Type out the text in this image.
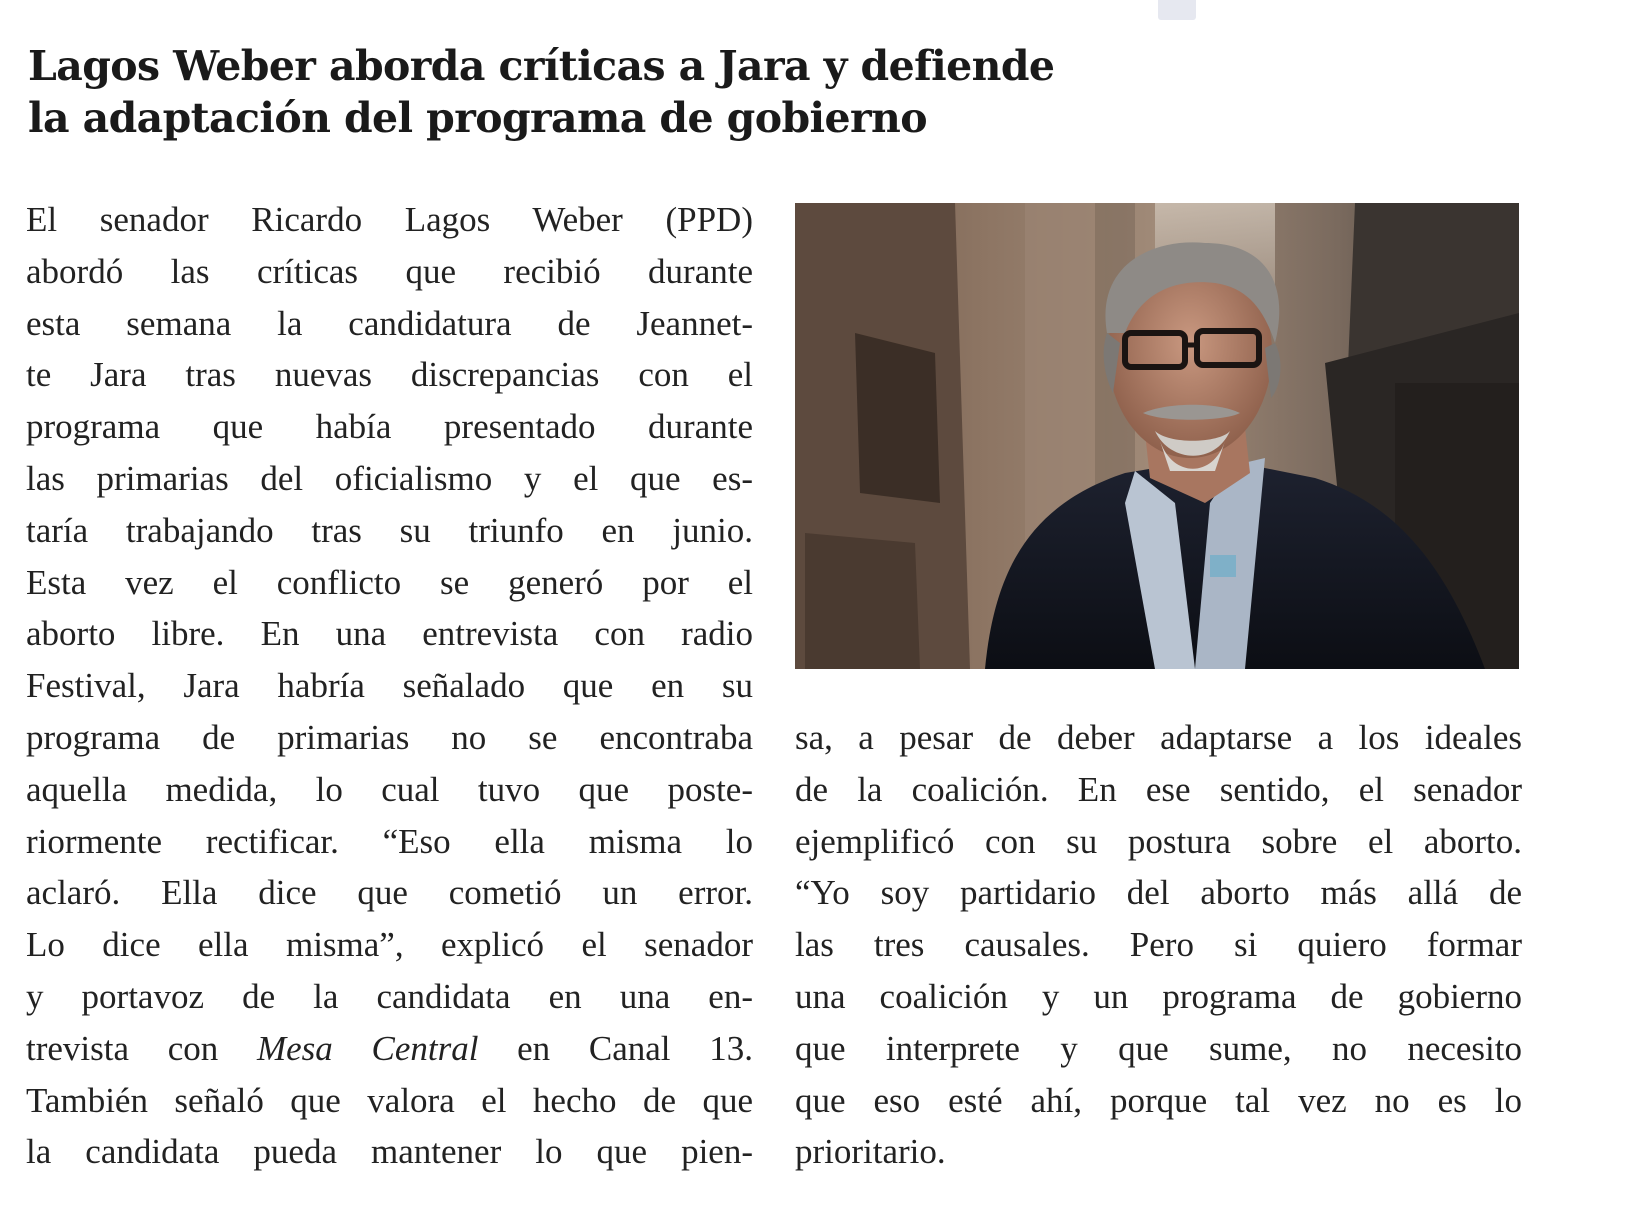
Lagos Weber aborda críticas a Jara y defiende
la adaptación del programa de gobierno
El senador Ricardo Lagos Weber (PPD)
abordó las críticas que recibió durante
esta semana la candidatura de Jeannet-
te Jara tras nuevas discrepancias con el
programa que había presentado durante
las primarias del oficialismo y el que es-
taría trabajando tras su triunfo en junio.
Esta vez el conflicto se generó por el
aborto libre. En una entrevista con radio
Festival, Jara habría señalado que en su
programa de primarias no se encontraba
aquella medida, lo cual tuvo que poste-
riormente rectificar. “Eso ella misma lo
aclaró. Ella dice que cometió un error.
Lo dice ella misma”, explicó el senador
y portavoz de la candidata en una en-
trevista con Mesa Central en Canal 13.
También señaló que valora el hecho de que
la candidata pueda mantener lo que pien-
sa, a pesar de deber adaptarse a los ideales
de la coalición. En ese sentido, el senador
ejemplificó con su postura sobre el aborto.
“Yo soy partidario del aborto más allá de
las tres causales. Pero si quiero formar
una coalición y un programa de gobierno
que interprete y que sume, no necesito
que eso esté ahí, porque tal vez no es lo
prioritario.
